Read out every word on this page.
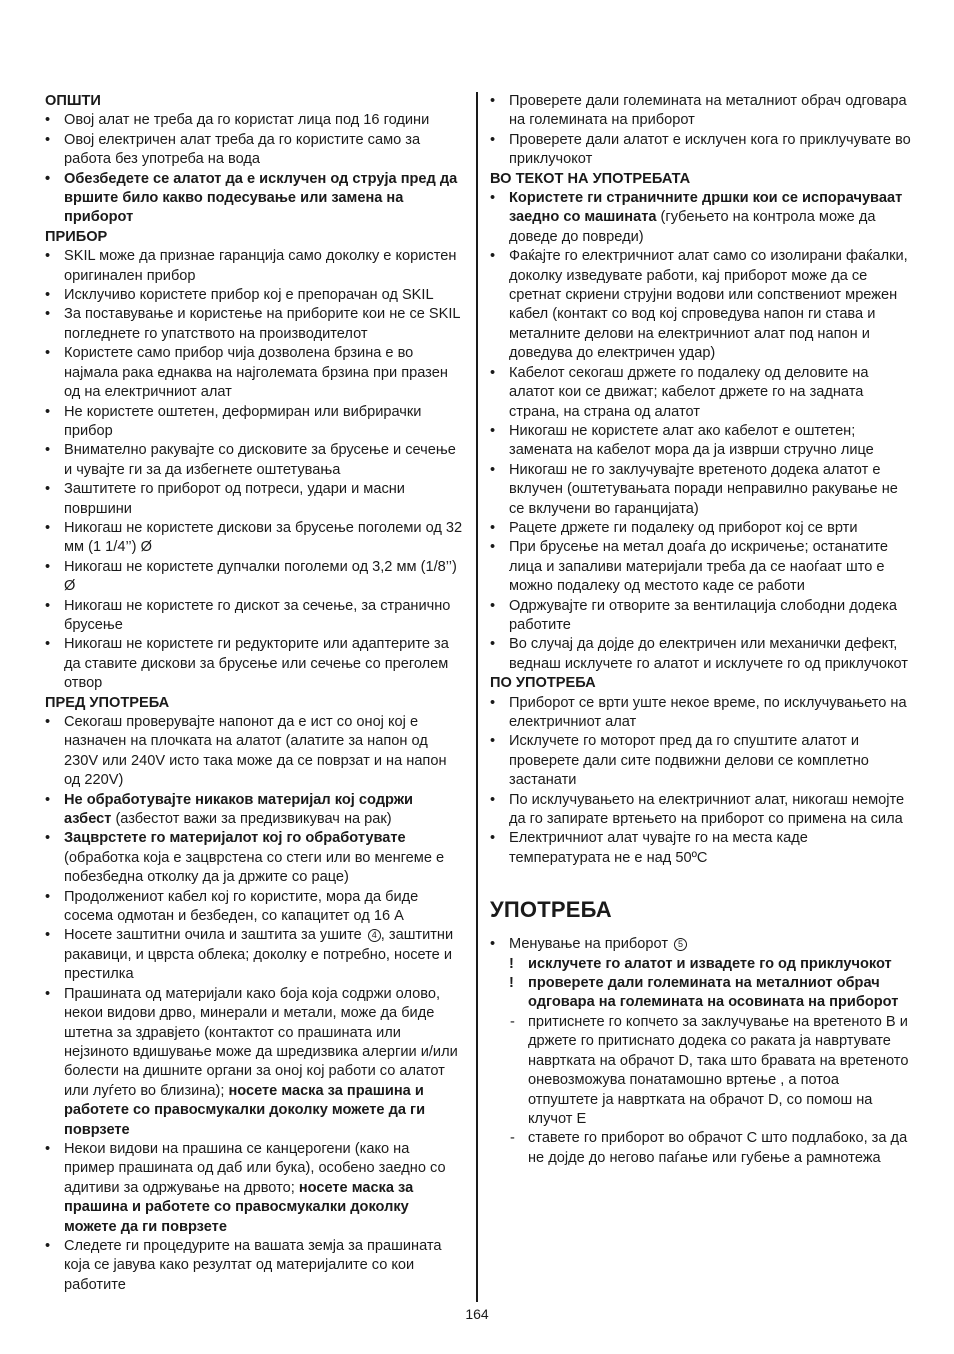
ОПШТИ

• Овој алат не треба да го користат лица под 16 години

• Овој електричен алат треба да го користите само за работа без употреба на вода

• Обезбедете се алатот да е исклучен од струја пред да вршите било какво подесување или замена на приборот

ПРИБОР

• SKIL може да признае гаранција само доколку е користен оригинален прибор

• Исклучиво користете прибор кој е препорачан од SKIL

• За поставување и користење на приборите кои не се SKIL погледнете го упатството на производителот

• Користете само прибор чија дозволена брзина е во најмала рака еднаква на најголемата брзина при празен од на електричниот алат

• Не користете оштетен, деформиран или вибрирачки прибор

• Внимателно ракувајте со дисковите за брусење и сечење и чувајте ги за да избегнете оштетувања

• Заштитете го приборот од потреси, удари и масни површини

• Никогаш не користете дискови за брусење поголеми од 32 мм (1 1/4’’) Ø

• Никогаш не користете дупчалки поголеми од 3,2 мм (1/8’’) Ø

• Никогаш не користете го дискот за сечење, за странично брусење

• Никогаш не користете ги редукторите или адаптерите за да ставите дискови за брусење или сечење со преголем отвор

ПРЕД УПОТРЕБА

• Секогаш проверувајте напонот да е ист со оној кој е назначен на плочката на алатот (алатите за напон од 230V или 240V исто така може да се поврзат и на напон од 220V)

• Не обработувајте никаков материјал кој содржи азбест (азбестот важи за предизвикувач на рак)

• Зацврстете го материјалот кој го обработувате (обработка која е зацврстена со стеги или во менгеме е побезбедна отколку да ја држите со раце)

• Продолжениот кабел кој го користите, мора да биде сосема одмотан и безбеден, со капацитет од 16 А

• Носете заштитни очила и заштита за ушите 4 , заштитни ракавици, и цврста облека; доколку е потребно, носете и престилка

• Прашината од материјали како боја која содржи олово, некои видови дрво, минерали и метали, може да биде штетна за здравјето (контактот со прашината или нејзиното вдишување може да шредизвика алергии и/или болести на дишните органи за оној кој работи со алатот или луѓето во близина); носете маска за прашина и работете со правосмукалки доколку можете да ги поврзете

• Некои видови на прашина се канцерогени (како на пример прашината од даб или бука), особено заедно со адитиви за одржување на дрвото; носете маска за прашина и работете со правосмукалки доколку можете да ги поврзете

• Следете ги процедурите на вашата земја за прашината која се јавува како резултат од материјалите со кои работите

• Проверете дали големината на металниот обрач одговара на големината на приборот

• Проверете дали алатот е исклучен кога го приклучувате во приклучокот

ВО ТЕКОТ НА УПОТРЕБАТА

• Користете ги страничните дршки кои се испорачуваат заедно со машината (губењето на контрола може да доведе до повреди)

• Фаќајте го електричниот алат само со изолирани фаќалки, доколку изведувате работи, кај приборот може да се сретнат скриени струјни водови или сопствениот мрежен кабел (контакт со вод кој спроведува напон ги става и металните делови на електричниот алат под напон и доведува до електричен удар)

• Кабелот секогаш држете го подалеку од деловите на алатот кои се движат; кабелот држете го на задната страна, на страна од алатот

• Никогаш не користете алат ако кабелот е оштетен; замената на кабелот мора да ја изврши стручно лице

• Никогаш не го заклучувајте вретеното додека алатот е вклучен (оштетувањата поради неправилно ракување не се вклучени во гаранцијата)

• Рацете држете ги подалеку од приборот кој се врти

• При брусење на метал доаѓа до искричење; останатите лица и запаливи материјали треба да се наоѓаат што е можно подалеку од местото каде се работи

• Одржувајте ги отворите за вентилација слободни додека работите

• Во случај да дојде до електричен или механички дефект, веднаш исклучете го алатот и исклучете го од приклучокот

ПО УПОТРЕБА

• Приборот се врти уште некое време, по исклучувањето на електричниот алат

• Исклучете го моторот пред да го спуштите алатот и проверете дали сите подвижни делови се комплетно застанати

• По исклучувањето на електричниот алат, никогаш немојте да го запирате вртењето на приборот со примена на сила

• Електричниот алат чувајте го на места каде температурата не е над 50ºC

УПОТРЕБА

• Менување на приборот 5

! исклучете го алатот и извадете го од приклучокот

! проверете дали големината на металниот обрач одговара на големината на осовината на приборот

- притиснете го копчето за заклучување на вретеното B и држете го притиснато додека со раката ја навртувате навртката на обрачот D, така што бравата на вретеното оневозможува понатамошно вртење , а потоа отпуштете ја навртката на обрачот D, со помош на клучот E

- ставете го приборот во обрачот C што подлабоко, за да не дојде до негово паѓање или губење а рамнотежа

164
